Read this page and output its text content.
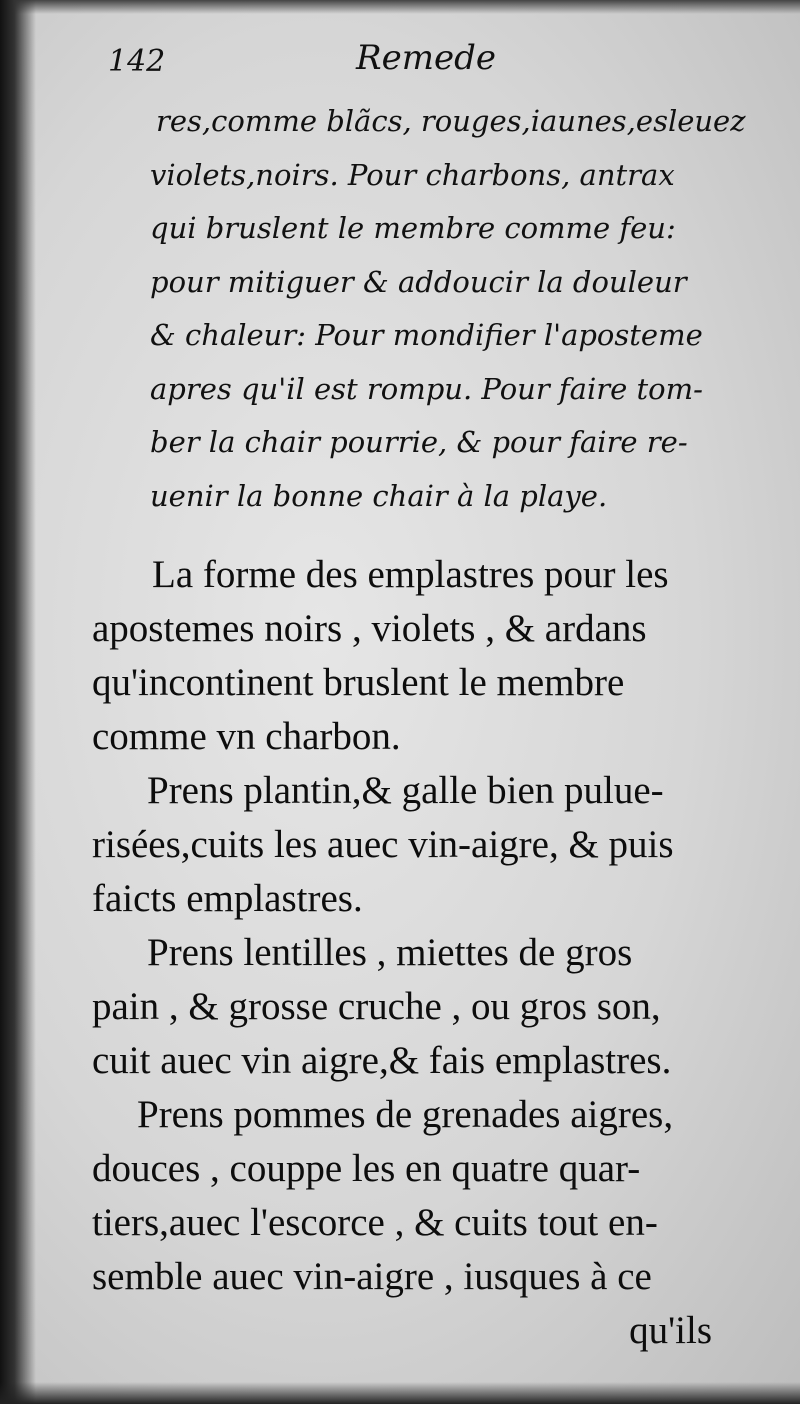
142	Remede
res,comme blãcs, rouges,iaunes,esleuez
violets,noirs. Pour charbons, antrax
qui bruslent le membre comme feu:
pour mitiguer & addoucir la douleur
& chaleur: Pour mondifier l'aposteme
apres qu'il est rompu. Pour faire tom-
ber la chair pourrie, & pour faire re-
uenir la bonne chair à la playe.
La forme des emplastres pour les
apostemes noirs , violets , & ardans
qu'incontinent bruslent le membre
comme vn charbon.
Prens plantin,& galle bien pulue-
risées,cuits les auec vin-aigre, & puis
faicts emplastres.
Prens lentilles , miettes de gros
pain , & grosse cruche , ou gros son,
cuit auec vin aigre,& fais emplastres.
Prens pommes de grenades aigres,
douces , couppe les en quatre quar-
tiers,auec l'escorce , & cuits tout en-
semble auec vin-aigre , iusques à ce
qu'ils
